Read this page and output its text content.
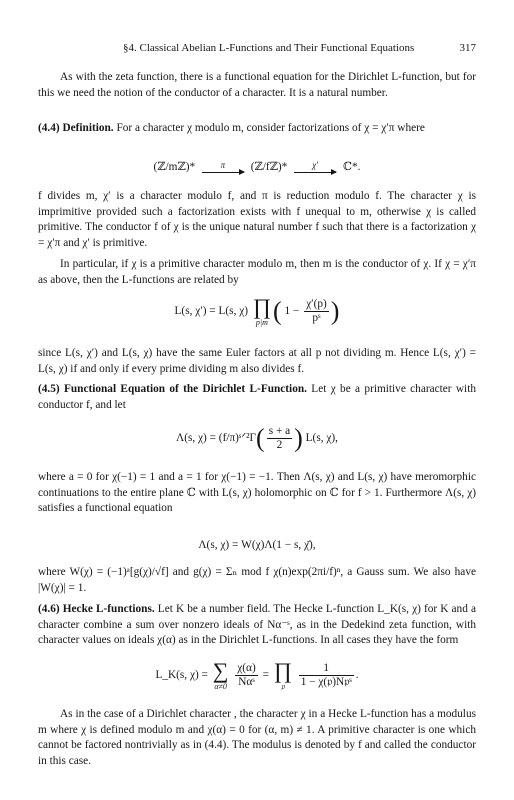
§4. Classical Abelian L-Functions and Their Functional Equations	317

As with the zeta function, there is a functional equation for the Dirichlet L-function, but for this we need the notion of the conductor of a character. It is a natural number.

(4.4) Definition. For a character χ modulo m, consider factorizations of χ = χ′π where

(ℤ/mℤ)*	π	(ℤ/fℤ)*	χ′	ℂ*.

f divides m, χ′ is a character modulo f, and π is reduction modulo f. The character χ is imprimitive provided such a factorization exists with f unequal to m, otherwise χ is called primitive. The conductor f of χ is the unique natural number f such that there is a factorization χ = χ′π and χ′ is primitive.

In particular, if χ is a primitive character modulo m, then m is the conductor of χ. If χ = χ′π as above, then the L-functions are related by

L(s, χ′) = L(s, χ) ∏
p|m ( $1 - \frac{\chi'(p)}{\text{pˢ}}$ )

since L(s, χ′) and L(s, χ) have the same Euler factors at all p not dividing m. Hence L(s, χ′) = L(s, χ) if and only if every prime dividing m also divides f.

(4.5) Functional Equation of the Dirichlet L-Function. Let χ be a primitive character with conductor f, and let

Λ(s, χ) = (f/π)ˢᐟ²Γ( $\frac{s + a}{2}$ ) L(s, χ),

where a = 0 for χ(−1) = 1 and a = 1 for χ(−1) = −1. Then Λ(s, χ) and L(s, χ) have meromorphic continuations to the entire plane ℂ with L(s, χ) holomorphic on ℂ for f > 1. Furthermore Λ(s, χ) satisfies a functional equation

Λ(s, χ) = W(χ)Λ(1 − s, χ̄),

where W(χ) = (−1)ᵃ[g(χ)/√f] and g(χ) = Σₙ mod f χ(n)exp(2πi/f)ⁿ, a Gauss sum. We also have |W(χ)| = 1.

(4.6) Hecke L-functions. Let K be a number field. The Hecke L-function L_K(s, χ) for K and a character combine a sum over nonzero ideals of Nα⁻ˢ, as in the Dedekind zeta function, with character values on ideals χ(α) as in the Dirichlet L-functions. In all cases they have the form

L_K(s, χ) = ∑
α≠0
$\frac{\chi(\alpha)}{\text{Nαˢ}}$ = ∏
𝔭
	$\frac{1}{\text{1 − χ(𝔭)N𝔭ˢ}}$ .

As in the case of a Dirichlet character , the character χ in a Hecke L-function has a modulus m where χ is defined modulo m and χ(α) = 0 for (α, m) ≠ 1. A primitive character is one which cannot be factored nontrivially as in (4.4). The modulus is denoted by f and called the conductor in this case.
